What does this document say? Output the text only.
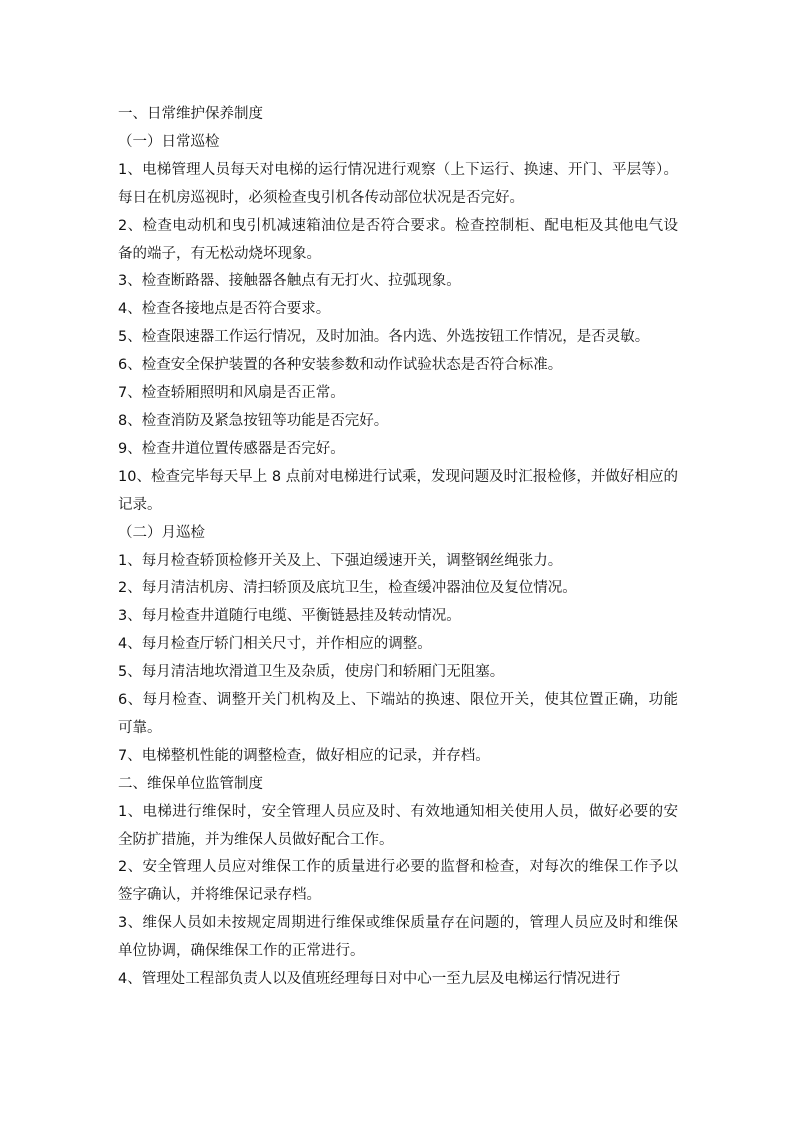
一、日常维护保养制度

（一）日常巡检

1、电梯管理人员每天对电梯的运行情况进行观察（上下运行、换速、开门、平层等）。每日在机房巡视时，必须检查曳引机各传动部位状况是否完好。

2、检查电动机和曳引机减速箱油位是否符合要求。检查控制柜、配电柜及其他电气设备的端子，有无松动烧坏现象。

3、检查断路器、接触器各触点有无打火、拉弧现象。

4、检查各接地点是否符合要求。

5、检查限速器工作运行情况，及时加油。各内选、外选按钮工作情况，是否灵敏。

6、检查安全保护装置的各种安装参数和动作试验状态是否符合标准。

7、检查轿厢照明和风扇是否正常。

8、检查消防及紧急按钮等功能是否完好。

9、检查井道位置传感器是否完好。

10、检查完毕每天早上 8 点前对电梯进行试乘，发现问题及时汇报检修，并做好相应的记录。

（二）月巡检

1、每月检查轿顶检修开关及上、下强迫缓速开关，调整钢丝绳张力。

2、每月清洁机房、清扫轿顶及底坑卫生，检查缓冲器油位及复位情况。

3、每月检查井道随行电缆、平衡链悬挂及转动情况。

4、每月检查厅轿门相关尺寸，并作相应的调整。

5、每月清洁地坎滑道卫生及杂质，使房门和轿厢门无阻塞。

6、每月检查、调整开关门机构及上、下端站的换速、限位开关，使其位置正确，功能可靠。

7、电梯整机性能的调整检查，做好相应的记录，并存档。

二、维保单位监管制度

1、电梯进行维保时，安全管理人员应及时、有效地通知相关使用人员，做好必要的安全防扩措施，并为维保人员做好配合工作。

2、安全管理人员应对维保工作的质量进行必要的监督和检查，对每次的维保工作予以签字确认，并将维保记录存档。

3、维保人员如未按规定周期进行维保或维保质量存在问题的，管理人员应及时和维保单位协调，确保维保工作的正常进行。

4、管理处工程部负责人以及值班经理每日对中心一至九层及电梯运行情况进行
